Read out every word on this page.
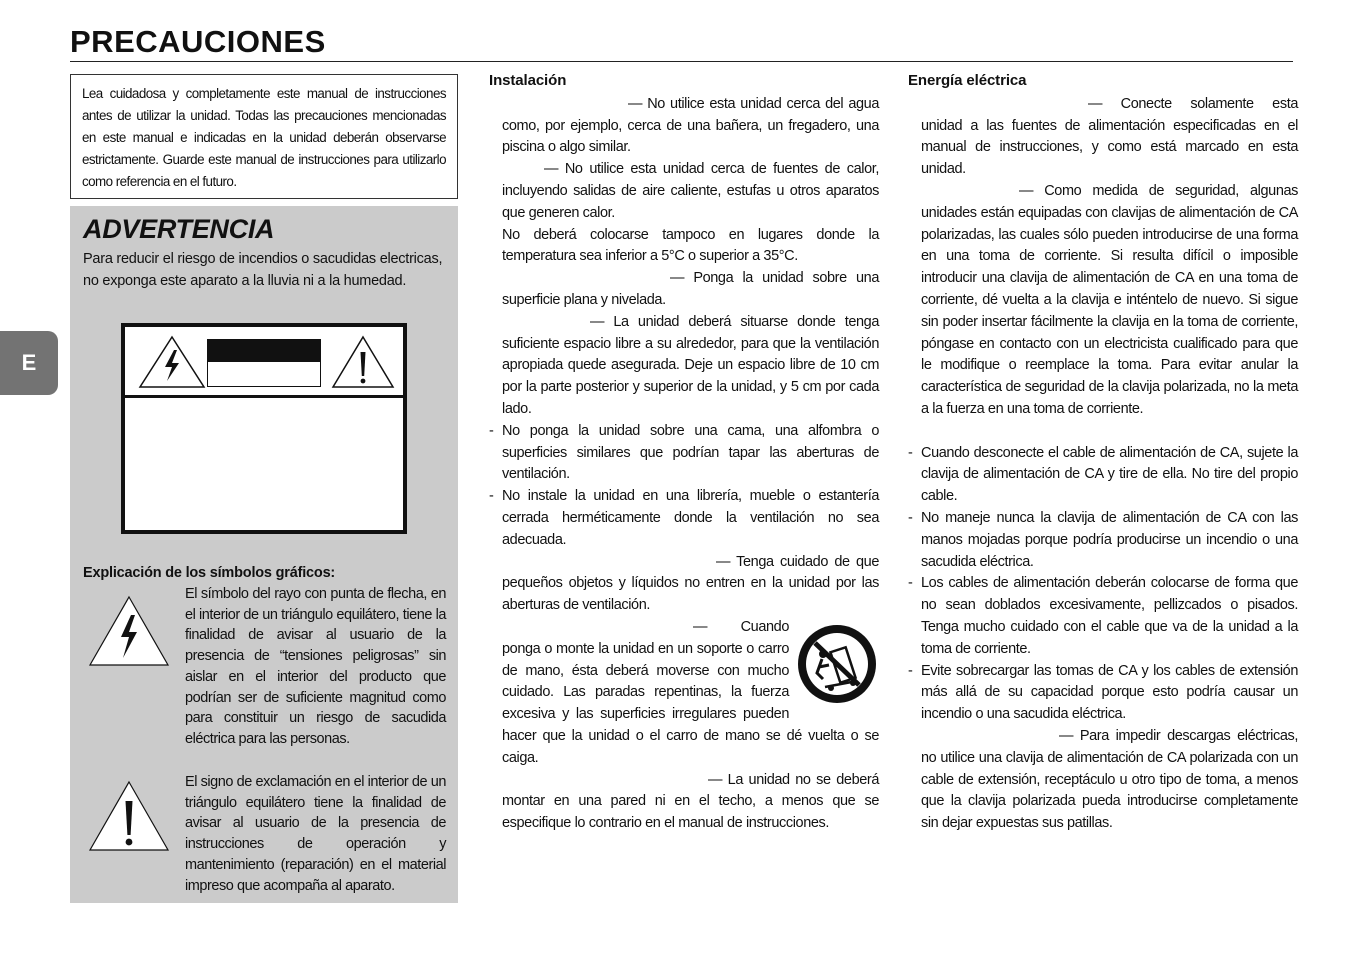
PRECAUCIONES
E
Lea cuidadosa y completamente este manual de instrucciones antes de utilizar la unidad. Todas las precauciones mencionadas en este manual e indicadas en la unidad deberán observarse estrictamente. Guarde este manual de instrucciones para utilizarlo como referencia en el futuro.
ADVERTENCIA
Para reducir el riesgo de incendios o sacudidas electricas, no exponga este aparato a la lluvia ni a la humedad.
Explicación de los símbolos gráficos:
El símbolo del rayo con punta de flecha, en el interior de un triángulo equilátero, tiene la finalidad de avisar al usuario de la presencia de “tensiones peligrosas” sin aislar en el interior del producto que podrían ser de suficiente magnitud como para constituir un riesgo de sacudida eléctrica para las personas.
El signo de exclamación en el interior de un triángulo equilátero tiene la finalidad de avisar al usuario de la presencia de instrucciones de operación y mantenimiento (reparación) en el material impreso que acompaña al aparato.
Instalación
— No utilice esta unidad cerca del agua como, por ejemplo, cerca de una bañera, un fregadero, una piscina o algo similar.
— No utilice esta unidad cerca de fuentes de calor, incluyendo salidas de aire caliente, estufas u otros aparatos que generen calor.
No deberá colocarse tampoco en lugares donde la temperatura sea inferior a 5°C o superior a 35°C.
— Ponga la unidad sobre una superficie plana y nivelada.
— La unidad deberá situarse donde tenga suficiente espacio libre a su alrededor, para que la ventilación apropiada quede asegurada. Deje un espacio libre de 10 cm por la parte posterior y superior de la unidad, y 5 cm por cada lado.
- No ponga la unidad sobre una cama, una alfombra o superficies similares que podrían tapar las aberturas de ventilación.
- No instale la unidad en una librería, mueble o estantería cerrada herméticamente donde la ventilación no sea adecuada.
— Tenga cuidado de que pequeños objetos y líquidos no entren en la unidad por las aberturas de ventilación.
— Cuando ponga o monte la unidad en un soporte o carro de mano, ésta deberá moverse con mucho cuidado. Las paradas repentinas, la fuerza excesiva y las superficies irregulares pueden hacer que la unidad o el carro de mano se dé vuelta o se caiga.
— La unidad no se deberá montar en una pared ni en el techo, a menos que se especifique lo contrario en el manual de instrucciones.
Energía eléctrica
— Conecte solamente esta unidad a las fuentes de alimentación especificadas en el manual de instrucciones, y como está marcado en esta unidad.
— Como medida de seguridad, algunas unidades están equipadas con clavijas de alimentación de CA polarizadas, las cuales sólo pueden introducirse de una forma en una toma de corriente. Si resulta difícil o imposible introducir una clavija de alimentación de CA en una toma de corriente, dé vuelta a la clavija e inténtelo de nuevo. Si sigue sin poder insertar fácilmente la clavija en la toma de corriente, póngase en contacto con un electricista cualificado para que le modifique o reemplace la toma. Para evitar anular la característica de seguridad de la clavija polarizada, no la meta a la fuerza en una toma de corriente.
- Cuando desconecte el cable de alimentación de CA, sujete la clavija de alimentación de CA y tire de ella. No tire del propio cable.
- No maneje nunca la clavija de alimentación de CA con las manos mojadas porque podría producirse un incendio o una sacudida eléctrica.
- Los cables de alimentación deberán colocarse de forma que no sean doblados excesivamente, pellizcados o pisados. Tenga mucho cuidado con el cable que va de la unidad a la toma de corriente.
- Evite sobrecargar las tomas de CA y los cables de extensión más allá de su capacidad porque esto podría causar un incendio o una sacudida eléctrica.
— Para impedir descargas eléctricas, no utilice una clavija de alimentación de CA polarizada con un cable de extensión, receptáculo u otro tipo de toma, a menos que la clavija polarizada pueda introducirse completamente sin dejar expuestas sus patillas.
